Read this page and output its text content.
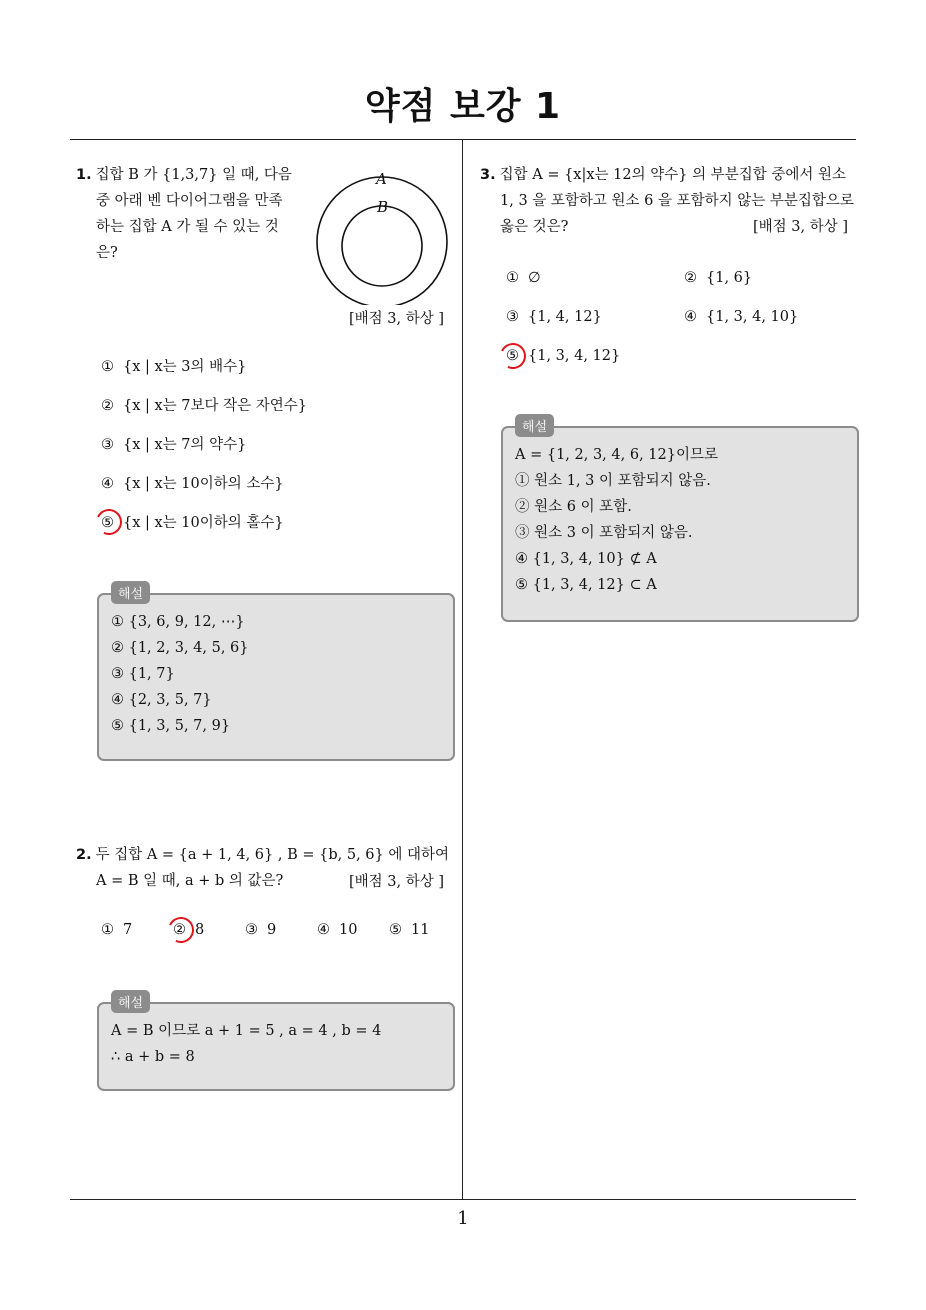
약점 보강 1
1. 집합 B 가 {1,3,7} 일 때, 다음
중 아래 벤 다이어그램을 만족
하는 집합 A 가 될 수 있는 것
은?
A
B
[배점 3, 하상 ]
① {x | x는 3의 배수}
② {x | x는 7보다 작은 자연수}
③ {x | x는 7의 약수}
④ {x | x는 10이하의 소수}
⑤ {x | x는 10이하의 홀수}
해설
① {3, 6, 9, 12, ⋯}
② {1, 2, 3, 4, 5, 6}
③ {1, 7}
④ {2, 3, 5, 7}
⑤ {1, 3, 5, 7, 9}
2. 두 집합 A = {a + 1, 4, 6} , B = {b, 5, 6} 에 대하여
A = B 일 때, a + b 의 값은?	[배점 3, 하상 ]
① 7	② 8	③ 9	④ 10 ⑤ 11
해설
A = B 이므로 a + 1 = 5 , a = 4 , b = 4
∴ a + b = 8
3. 집합 A = {x|x는 12의 약수} 의 부분집합 중에서 원소
1, 3 을 포함하고 원소 6 을 포함하지 않는 부분집합으로
옳은 것은?	[배점 3, 하상 ]
① ∅	② {1, 6}
③ {1, 4, 12}	④ {1, 3, 4, 10}
⑤ {1, 3, 4, 12}
해설
A = {1, 2, 3, 4, 6, 12}이므로
① 원소 1, 3 이 포함되지 않음.
② 원소 6 이 포함.
③ 원소 3 이 포함되지 않음.
④ {1, 3, 4, 10} ⊄ A
⑤ {1, 3, 4, 12} ⊂ A
1
